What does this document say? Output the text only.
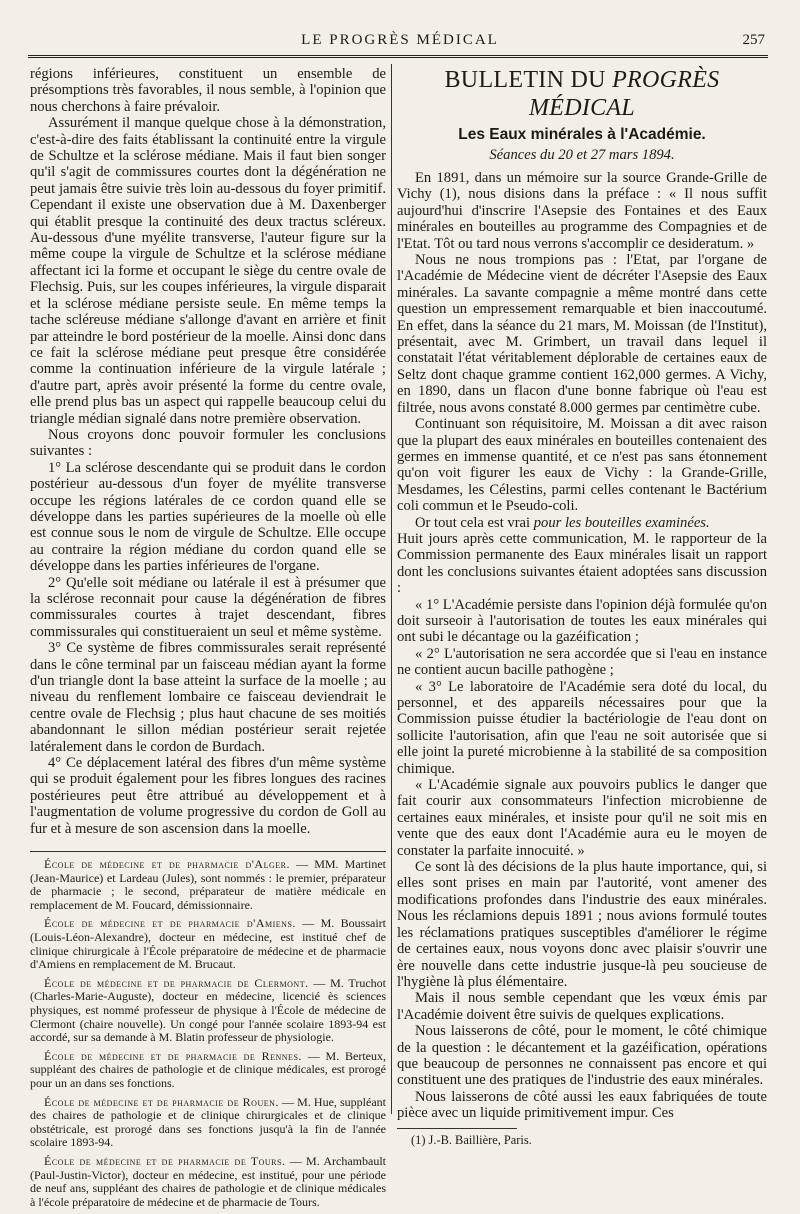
LE PROGRÈS MÉDICAL	257

régions inférieures, constituent un ensemble de présomptions très favorables, il nous semble, à l'opinion que nous cherchons à faire prévaloir.

Assurément il manque quelque chose à la démonstration, c'est-à-dire des faits établissant la continuité entre la virgule de Schultze et la sclérose médiane. Mais il faut bien songer qu'il s'agit de commissures courtes dont la dégénération ne peut jamais être suivie très loin au-dessous du foyer primitif. Cependant il existe une observation due à M. Daxenberger qui établit presque la continuité des deux tractus scléreux. Au-dessous d'une myélite transverse, l'auteur figure sur la même coupe la virgule de Schultze et la sclérose médiane affectant ici la forme et occupant le siège du centre ovale de Flechsig. Puis, sur les coupes inférieures, la virgule disparait et la sclérose médiane persiste seule. En même temps la tache scléreuse médiane s'allonge d'avant en arrière et finit par atteindre le bord postérieur de la moelle. Ainsi donc dans ce fait la sclérose médiane peut presque être considérée comme la continuation inférieure de la virgule latérale ; d'autre part, après avoir présenté la forme du centre ovale, elle prend plus bas un aspect qui rappelle beaucoup celui du triangle médian signalé dans notre première observation.

Nous croyons donc pouvoir formuler les conclusions suivantes :

1° La sclérose descendante qui se produit dans le cordon postérieur au-dessous d'un foyer de myélite transverse occupe les régions latérales de ce cordon quand elle se développe dans les parties supérieures de la moelle où elle est connue sous le nom de virgule de Schultze. Elle occupe au contraire la région médiane du cordon quand elle se développe dans les parties inférieures de l'organe.

2° Qu'elle soit médiane ou latérale il est à présumer que la sclérose reconnait pour cause la dégénération de fibres commissurales courtes à trajet descendant, fibres commissurales qui constitueraient un seul et même système.

3° Ce système de fibres commissurales serait représenté dans le cône terminal par un faisceau médian ayant la forme d'un triangle dont la base atteint la surface de la moelle ; au niveau du renflement lombaire ce faisceau deviendrait le centre ovale de Flechsig ; plus haut chacune de ses moitiés abandonnant le sillon médian postérieur serait rejetée latéralement dans le cordon de Burdach.

4° Ce déplacement latéral des fibres d'un même système qui se produit également pour les fibres longues des racines postérieures peut être attribué au développement et à l'augmentation de volume progressive du cordon de Goll au fur et à mesure de son ascension dans la moelle.

École de médecine et de pharmacie d'Alger. — MM. Martinet (Jean-Maurice) et Lardeau (Jules), sont nommés : le premier, préparateur de pharmacie ; le second, préparateur de matière médicale en remplacement de M. Foucard, démissionnaire.

École de médecine et de pharmacie d'Amiens. — M. Boussairt (Louis-Léon-Alexandre), docteur en médecine, est institué chef de clinique chirurgicale à l'École préparatoire de médecine et de pharmacie d'Amiens en remplacement de M. Brucaut.

École de médecine et de pharmacie de Clermont. — M. Truchot (Charles-Marie-Auguste), docteur en médecine, licencié ès sciences physiques, est nommé professeur de physique à l'École de médecine de Clermont (chaire nouvelle). Un congé pour l'année scolaire 1893-94 est accordé, sur sa demande à M. Blatin professeur de physiologie.

École de médecine et de pharmacie de Rennes. — M. Berteux, suppléant des chaires de pathologie et de clinique médicales, est prorogé pour un an dans ses fonctions.

École de médecine et de pharmacie de Rouen. — M. Hue, suppléant des chaires de pathologie et de clinique chirurgicales et de clinique obstétricale, est prorogé dans ses fonctions jusqu'à la fin de l'année scolaire 1893-94.

École de médecine et de pharmacie de Tours. — M. Archambault (Paul-Justin-Victor), docteur en médecine, est institué, pour une période de neuf ans, suppléant des chaires de pathologie et de clinique médicales à l'école préparatoire de médecine et de pharmacie de Tours.

BULLETIN DU PROGRÈS MÉDICAL
Les Eaux minérales à l'Académie.
Séances du 20 et 27 mars 1894.

En 1891, dans un mémoire sur la source Grande-Grille de Vichy (1), nous disions dans la préface : « Il nous suffit aujourd'hui d'inscrire l'Asepsie des Fontaines et des Eaux minérales en bouteilles au programme des Compagnies et de l'Etat. Tôt ou tard nous verrons s'accomplir ce desideratum. »

Nous ne nous trompions pas : l'Etat, par l'organe de l'Académie de Médecine vient de décréter l'Asepsie des Eaux minérales. La savante compagnie a même montré dans cette question un empressement remarquable et bien inaccoutumé. En effet, dans la séance du 21 mars, M. Moissan (de l'Institut), présentait, avec M. Grimbert, un travail dans lequel il constatait l'état véritablement déplorable de certaines eaux de Seltz dont chaque gramme contient 162,000 germes. A Vichy, en 1890, dans un flacon d'une bonne fabrique où l'eau est filtrée, nous avons constaté 8.000 germes par centimètre cube.

Continuant son réquisitoire, M. Moissan a dit avec raison que la plupart des eaux minérales en bouteilles contenaient des germes en immense quantité, et ce n'est pas sans étonnement qu'on voit figurer les eaux de Vichy : la Grande-Grille, Mesdames, les Célestins, parmi celles contenant le Bactérium coli commun et le Pseudo-coli.

Or tout cela est vrai pour les bouteilles examinées.

Huit jours après cette communication, M. le rapporteur de la Commission permanente des Eaux minérales lisait un rapport dont les conclusions suivantes étaient adoptées sans discussion :

« 1° L'Académie persiste dans l'opinion déjà formulée qu'on doit surseoir à l'autorisation de toutes les eaux minérales qui ont subi le décantage ou la gazéification ;

« 2° L'autorisation ne sera accordée que si l'eau en instance ne contient aucun bacille pathogène ;

« 3° Le laboratoire de l'Académie sera doté du local, du personnel, et des appareils nécessaires pour que la Commission puisse étudier la bactériologie de l'eau dont on sollicite l'autorisation, afin que l'eau ne soit autorisée que si elle joint la pureté microbienne à la stabilité de sa composition chimique.

« L'Académie signale aux pouvoirs publics le danger que fait courir aux consommateurs l'infection microbienne de certaines eaux minérales, et insiste pour qu'il ne soit mis en vente que des eaux dont l'Académie aura eu le moyen de constater la parfaite innocuité. »

Ce sont là des décisions de la plus haute importance, qui, si elles sont prises en main par l'autorité, vont amener des modifications profondes dans l'industrie des eaux minérales. Nous les réclamions depuis 1891 ; nous avions formulé toutes les réclamations pratiques susceptibles d'améliorer le régime de certaines eaux, nous voyons donc avec plaisir s'ouvrir une ère nouvelle dans cette industrie jusque-là peu soucieuse de l'hygiène là plus élémentaire.

Mais il nous semble cependant que les vœux émis par l'Académie doivent être suivis de quelques explications.

Nous laisserons de côté, pour le moment, le côté chimique de la question : le décantement et la gazéification, opérations que beaucoup de personnes ne connaissent pas encore et qui constituent une des pratiques de l'industrie des eaux minérales.

Nous laisserons de côté aussi les eaux fabriquées de toute pièce avec un liquide primitivement impur. Ces

(1) J.-B. Baillière, Paris.
